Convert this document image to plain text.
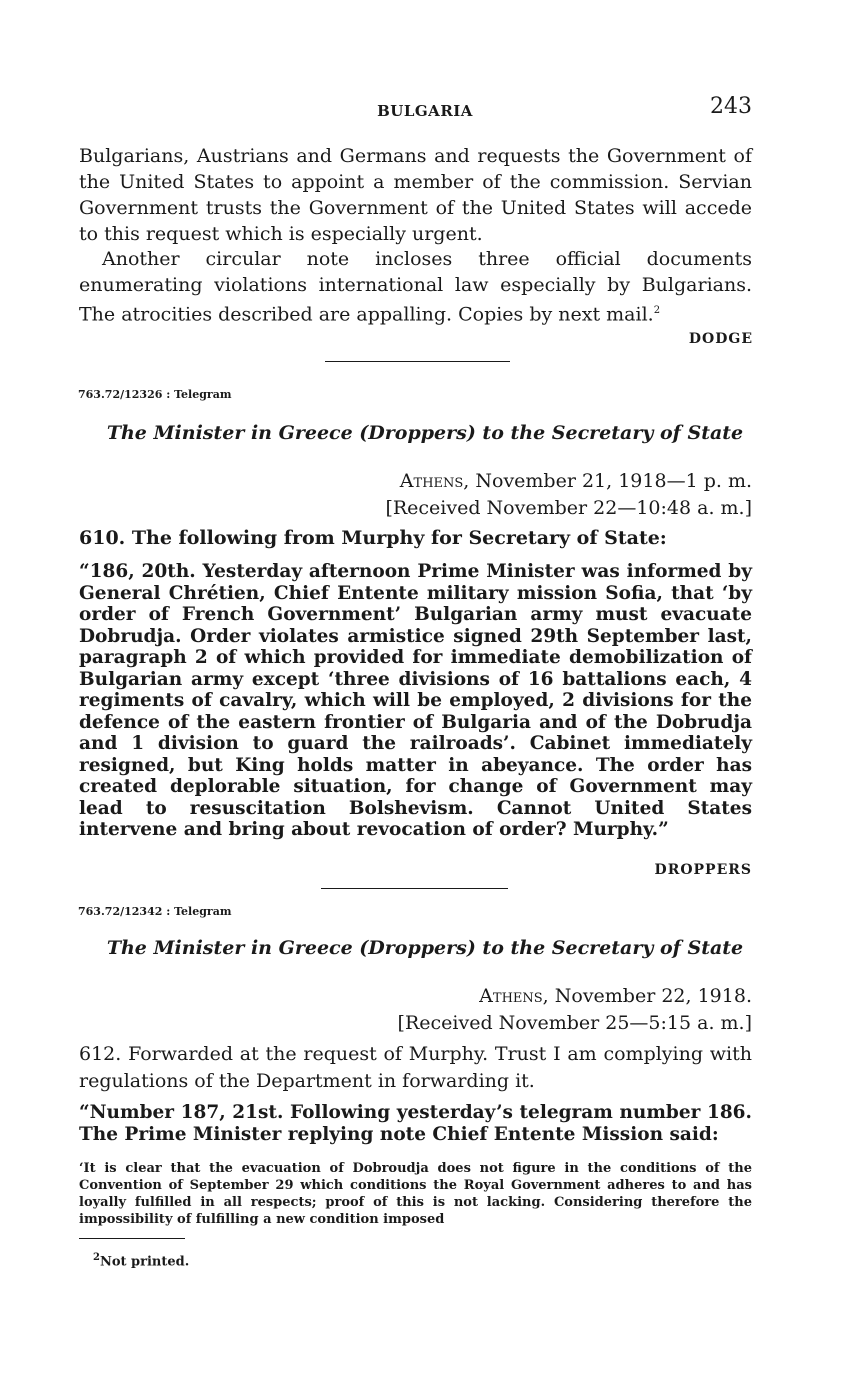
BULGARIA	243
Bulgarians, Austrians and Germans and requests the Government of the United States to appoint a member of the commission. Servian Government trusts the Government of the United States will accede to this request which is especially urgent.
Another circular note incloses three official documents enumerating violations international law especially by Bulgarians. The atrocities described are appalling. Copies by next mail.$^2$
DODGE
763.72/12326 : Telegram
The Minister in Greece (Droppers) to the Secretary of State
Athens, November 21, 1918—1 p. m.
[Received November 22—10:48 a. m.]
610. The following from Murphy for Secretary of State:
“186, 20th. Yesterday afternoon Prime Minister was informed by General Chrétien, Chief Entente military mission Sofia, that ‘by order of French Government’ Bulgarian army must evacuate Dobrudja. Order violates armistice signed 29th September last, paragraph 2 of which provided for immediate demobilization of Bulgarian army except ‘three divisions of 16 battalions each, 4 regiments of cavalry, which will be employed, 2 divisions for the defence of the eastern frontier of Bulgaria and of the Dobrudja and 1 division to guard the railroads’. Cabinet immediately resigned, but King holds matter in abeyance. The order has created deplorable situation, for change of Government may lead to resuscitation Bolshevism. Cannot United States intervene and bring about revocation of order? Murphy.”
DROPPERS
763.72/12342 : Telegram
The Minister in Greece (Droppers) to the Secretary of State
Athens, November 22, 1918.
[Received November 25—5:15 a. m.]
612. Forwarded at the request of Murphy. Trust I am complying with regulations of the Department in forwarding it.
“Number 187, 21st. Following yesterday’s telegram number 186. The Prime Minister replying note Chief Entente Mission said:
‘It is clear that the evacuation of Dobroudja does not figure in the conditions of the Convention of September 29 which conditions the Royal Government adheres to and has loyally fulfilled in all respects; proof of this is not lacking. Considering therefore the impossibility of fulfilling a new condition imposed
$^2$Not printed.
